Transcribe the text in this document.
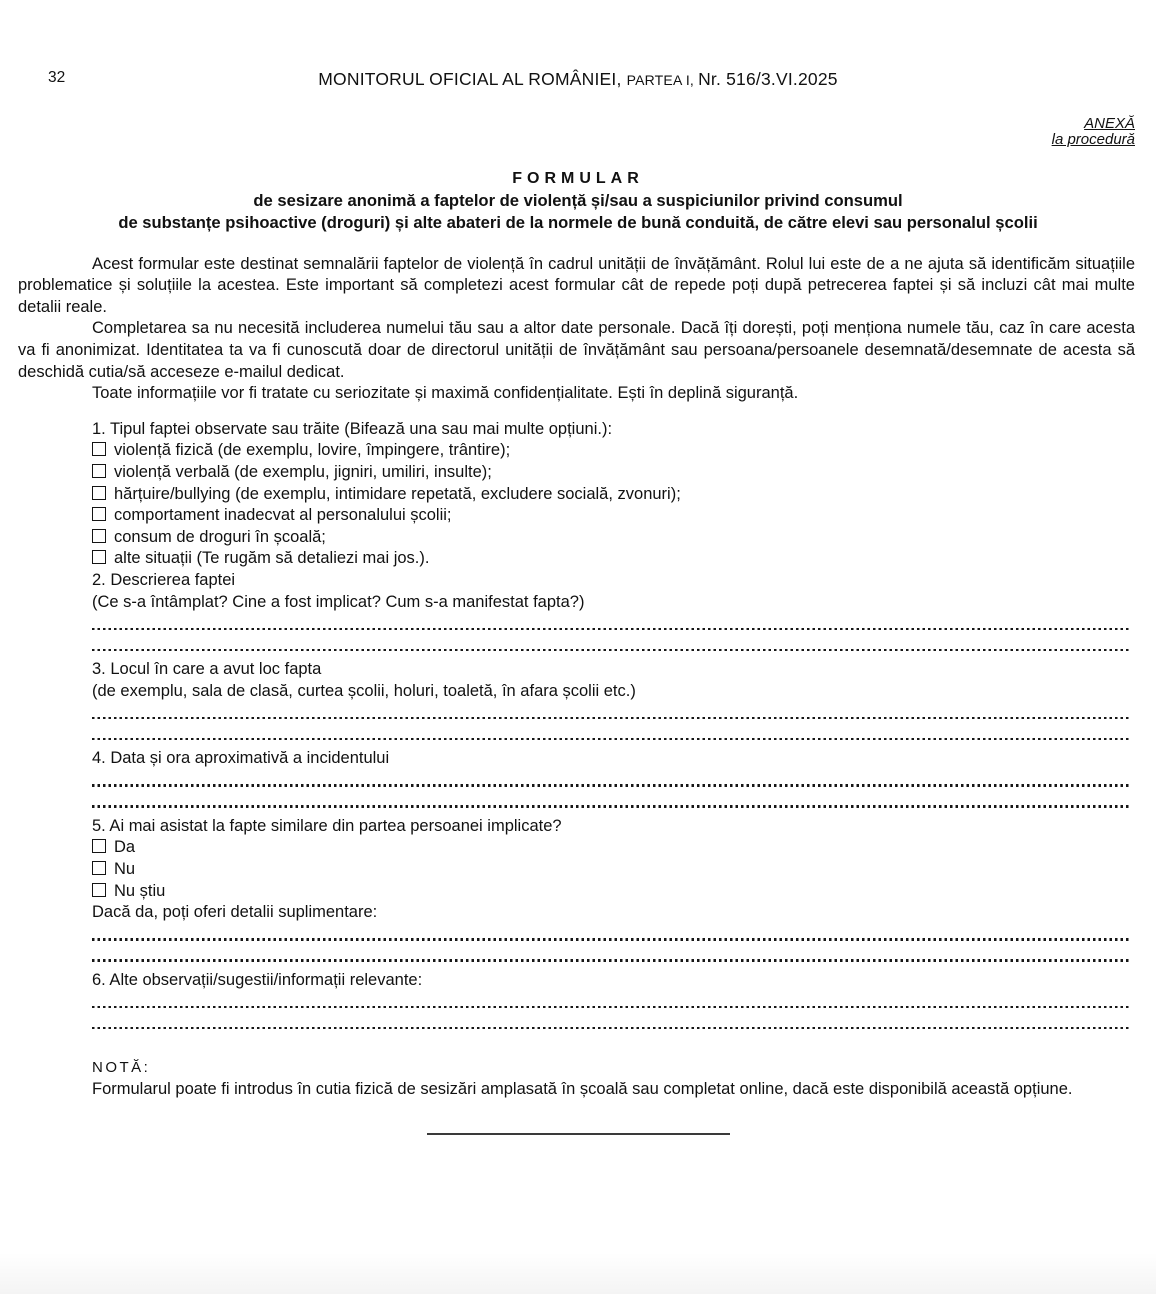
32	MONITORUL OFICIAL AL ROMÂNIEI, PARTEA I, Nr. 516/3.VI.2025
ANEXĂ
la procedură
FORMULAR
de sesizare anonimă a faptelor de violență și/sau a suspiciunilor privind consumul
de substanțe psihoactive (droguri) și alte abateri de la normele de bună conduită, de către elevi sau personalul școlii

Acest formular este destinat semnalării faptelor de violență în cadrul unității de învățământ. Rolul lui este de a ne ajuta să identificăm situațiile problematice și soluțiile la acestea. Este important să completezi acest formular cât de repede poți după petrecerea faptei și să incluzi cât mai multe detalii reale.

Completarea sa nu necesită includerea numelui tău sau a altor date personale. Dacă îți dorești, poți menționa numele tău, caz în care acesta va fi anonimizat. Identitatea ta va fi cunoscută doar de directorul unității de învățământ sau persoana/persoanele desemnată/desemnate de acesta să deschidă cutia/să acceseze e-mailul dedicat.

Toate informațiile vor fi tratate cu seriozitate și maximă confidențialitate. Ești în deplină siguranță.

1. Tipul faptei observate sau trăite (Bifează una sau mai multe opțiuni.):
violență fizică (de exemplu, lovire, împingere, trântire);
violență verbală (de exemplu, jigniri, umiliri, insulte);
hărțuire/bullying (de exemplu, intimidare repetată, excludere socială, zvonuri);
comportament inadecvat al personalului școlii;
consum de droguri în școală;
alte situații (Te rugăm să detaliezi mai jos.).
2. Descrierea faptei
(Ce s-a întâmplat? Cine a fost implicat? Cum s-a manifestat fapta?)
3. Locul în care a avut loc fapta
(de exemplu, sala de clasă, curtea școlii, holuri, toaletă, în afara școlii etc.)
4. Data și ora aproximativă a incidentului
5. Ai mai asistat la fapte similare din partea persoanei implicate?
Da
Nu
Nu știu
Dacă da, poți oferi detalii suplimentare:
6. Alte observații/sugestii/informații relevante:
NOTĂ:

Formularul poate fi introdus în cutia fizică de sesizări amplasată în școală sau completat online, dacă este disponibilă această opțiune.
